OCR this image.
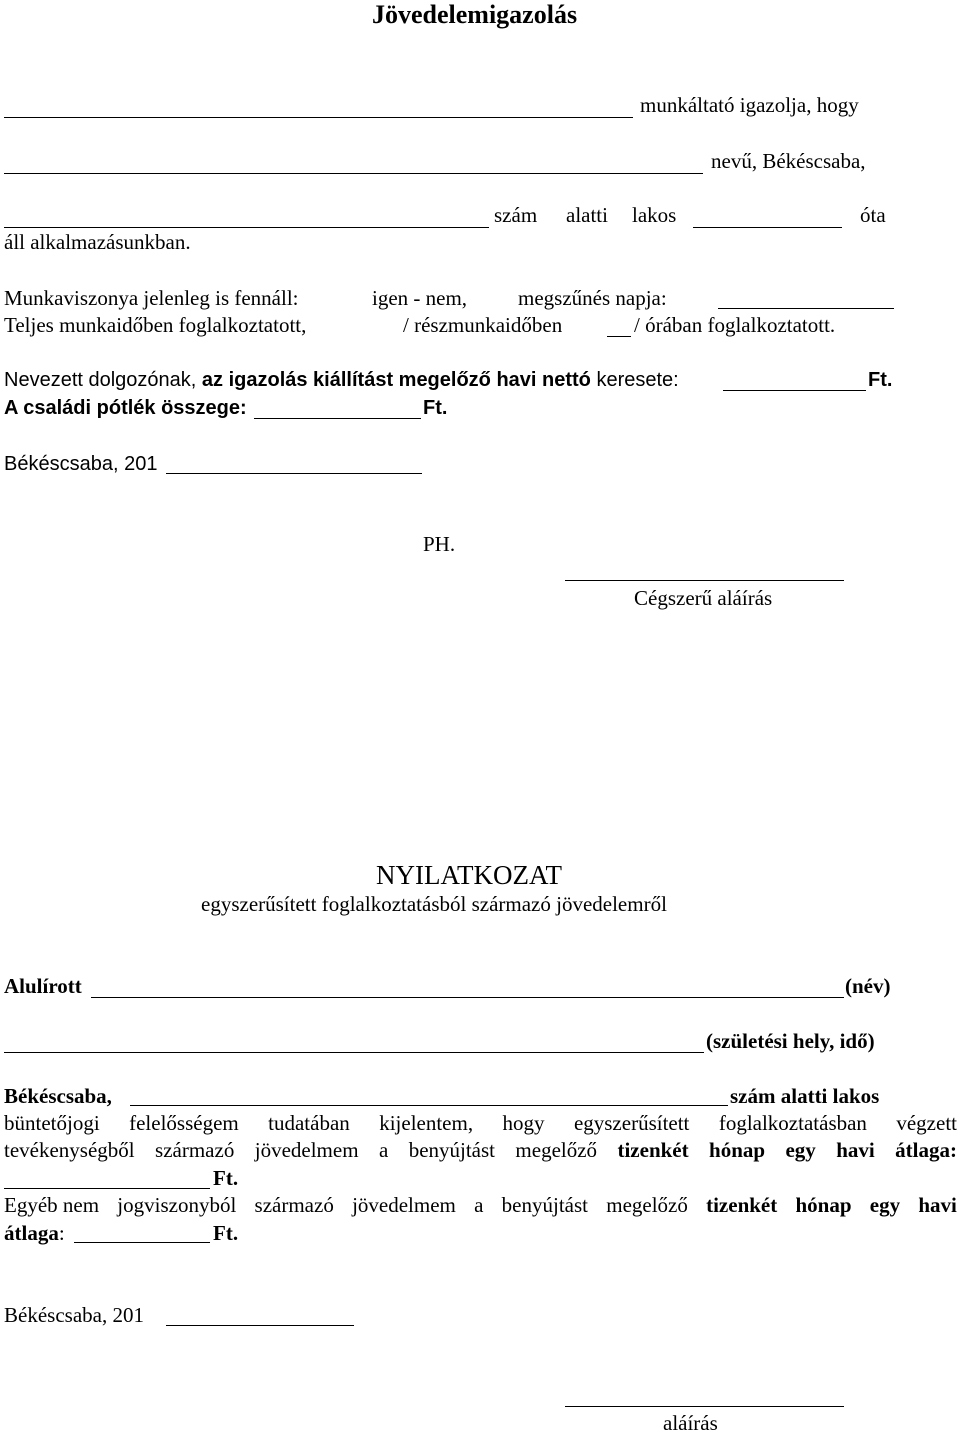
Jövedelemigazolás
munkáltató igazolja, hogy
nevű, Békéscsaba,
szám alatti lakos	óta
áll alkalmazásunkban.
Munkaviszonya jelenleg is fennáll:	igen - nem, megszűnés napja:
Teljes munkaidőben foglalkoztatott,	/ részmunkaidőben	/ órában foglalkoztatott.
Nevezett dolgozónak, az igazolás kiállítást megelőző havi nettó keresete:	Ft.
A családi pótlék összege:	Ft.
Békéscsaba, 201
PH.
Cégszerű aláírás
NYILATKOZAT
egyszerűsített foglalkoztatásból származó jövedelemről
Alulírott	(név)
(születési hely, idő)
Békéscsaba,	szám alatti lakos
büntetőjogi felelősségem tudatában kijelentem, hogy egyszerűsített foglalkoztatásban végzett
tevékenységből származó jövedelmem a benyújtást megelőző tizenkét hónap egy havi átlaga:
Ft.
Egyéb nem jogviszonyból származó jövedelmem a benyújtást megelőző tizenkét hónap egy havi
átlaga:	Ft.
Békéscsaba, 201
aláírás
